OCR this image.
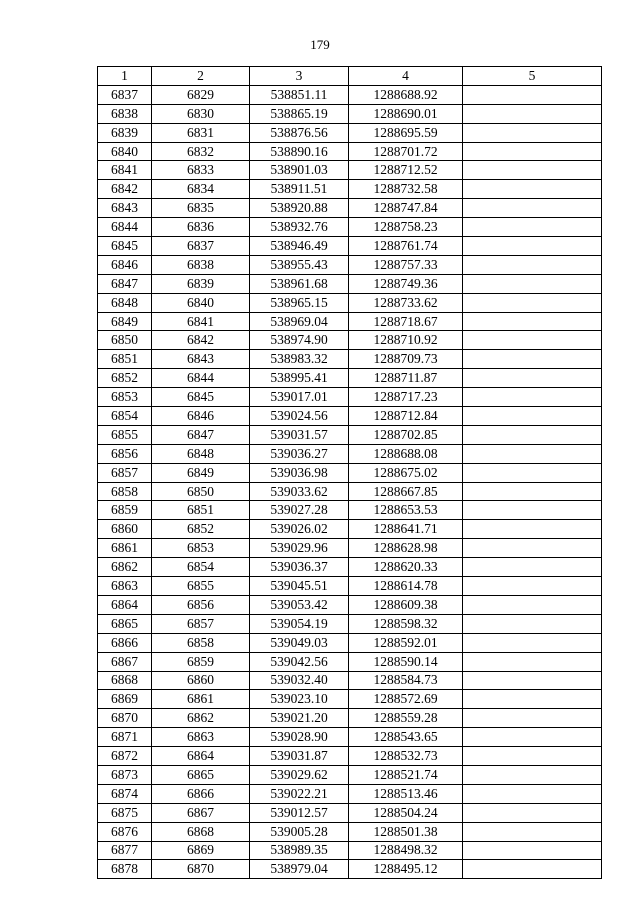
179
1	2	3	4	5
6837	6829	538851.11	1288688.92	
6838	6830	538865.19	1288690.01	
6839	6831	538876.56	1288695.59	
6840	6832	538890.16	1288701.72	
6841	6833	538901.03	1288712.52	
6842	6834	538911.51	1288732.58	
6843	6835	538920.88	1288747.84	
6844	6836	538932.76	1288758.23	
6845	6837	538946.49	1288761.74	
6846	6838	538955.43	1288757.33	
6847	6839	538961.68	1288749.36	
6848	6840	538965.15	1288733.62	
6849	6841	538969.04	1288718.67	
6850	6842	538974.90	1288710.92	
6851	6843	538983.32	1288709.73	
6852	6844	538995.41	1288711.87	
6853	6845	539017.01	1288717.23	
6854	6846	539024.56	1288712.84	
6855	6847	539031.57	1288702.85	
6856	6848	539036.27	1288688.08	
6857	6849	539036.98	1288675.02	
6858	6850	539033.62	1288667.85	
6859	6851	539027.28	1288653.53	
6860	6852	539026.02	1288641.71	
6861	6853	539029.96	1288628.98	
6862	6854	539036.37	1288620.33	
6863	6855	539045.51	1288614.78	
6864	6856	539053.42	1288609.38	
6865	6857	539054.19	1288598.32	
6866	6858	539049.03	1288592.01	
6867	6859	539042.56	1288590.14	
6868	6860	539032.40	1288584.73	
6869	6861	539023.10	1288572.69	
6870	6862	539021.20	1288559.28	
6871	6863	539028.90	1288543.65	
6872	6864	539031.87	1288532.73	
6873	6865	539029.62	1288521.74	
6874	6866	539022.21	1288513.46	
6875	6867	539012.57	1288504.24	
6876	6868	539005.28	1288501.38	
6877	6869	538989.35	1288498.32	
6878	6870	538979.04	1288495.12	
